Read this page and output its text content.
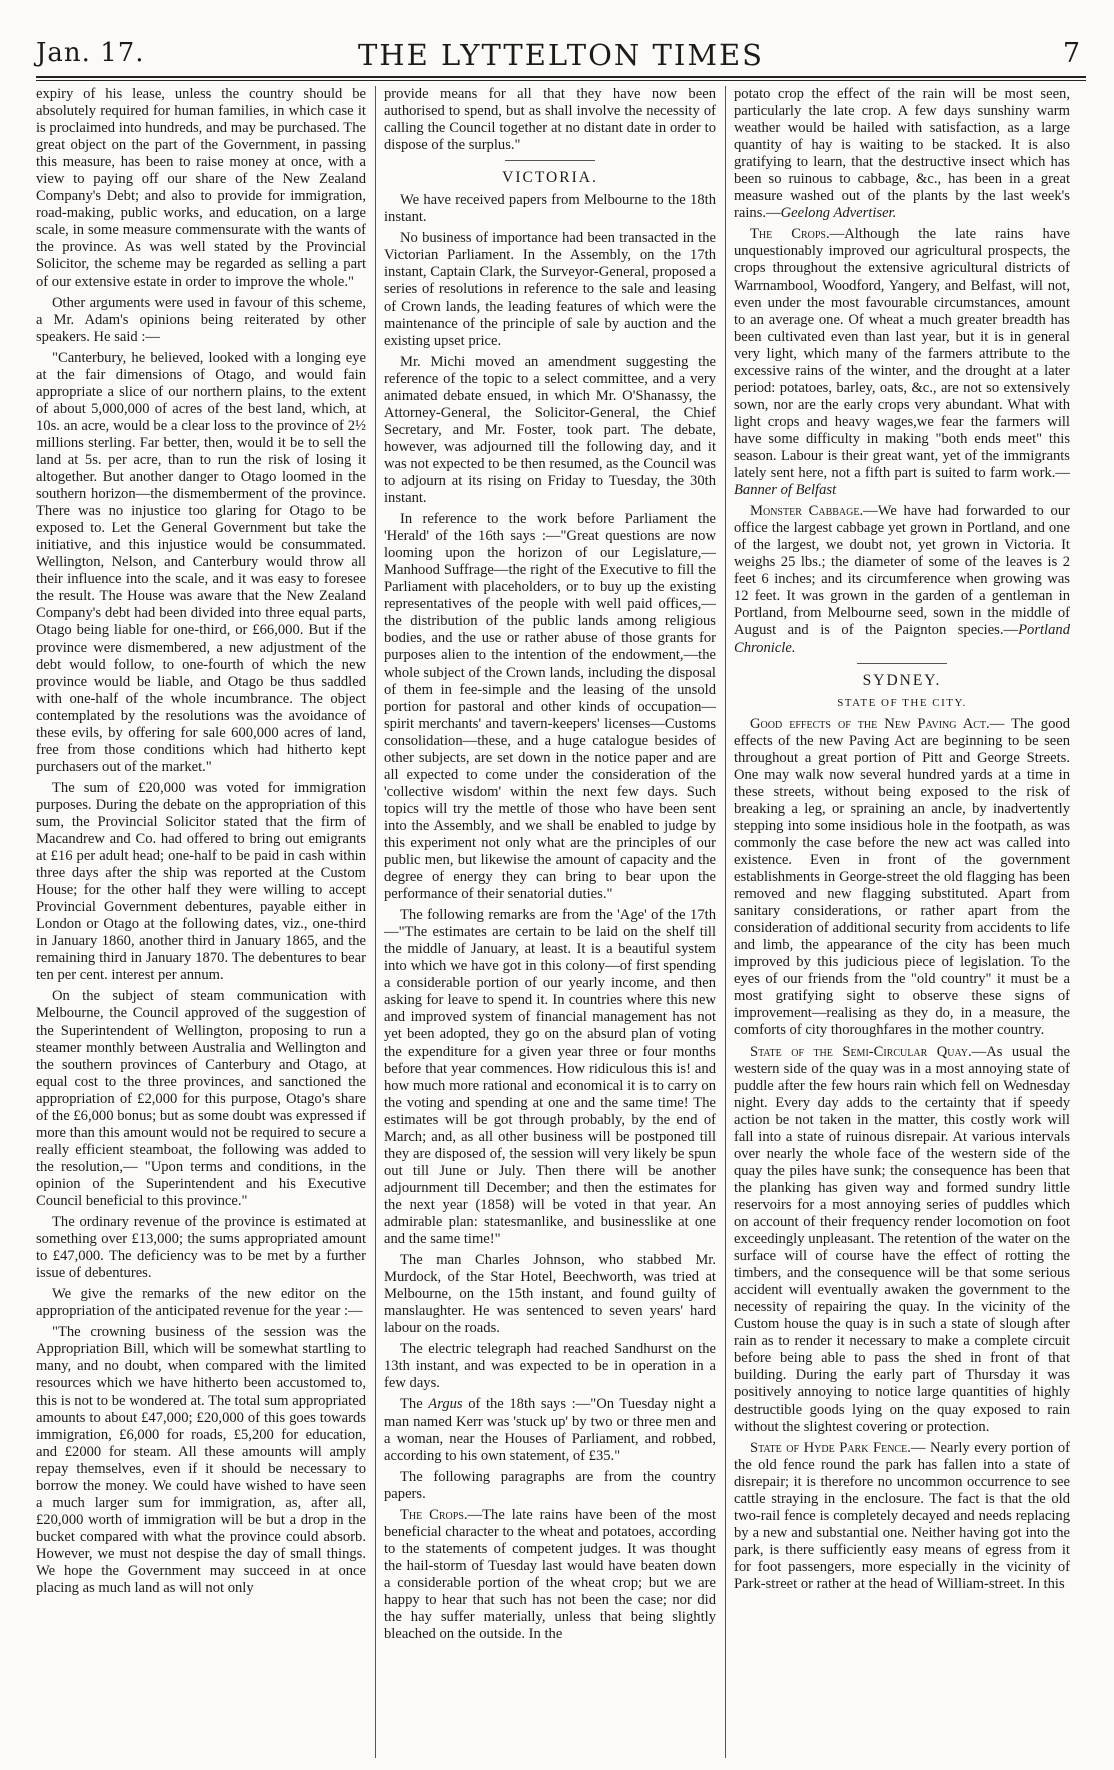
Jan. 17.	THE LYTTELTON TIMES	7

expiry of his lease, unless the country should be absolutely required for human families, in which case it is proclaimed into hundreds, and may be purchased. The great object on the part of the Government, in passing this measure, has been to raise money at once, with a view to paying off our share of the New Zealand Company's Debt; and also to provide for immigration, road-making, public works, and education, on a large scale, in some measure commensurate with the wants of the province. As was well stated by the Provincial Solicitor, the scheme may be regarded as selling a part of our extensive estate in order to improve the whole."

Other arguments were used in favour of this scheme, a Mr. Adam's opinions being reiterated by other speakers. He said :—

"Canterbury, he believed, looked with a longing eye at the fair dimensions of Otago, and would fain appropriate a slice of our northern plains, to the extent of about 5,000,000 of acres of the best land, which, at 10s. an acre, would be a clear loss to the province of 2½ millions sterling. Far better, then, would it be to sell the land at 5s. per acre, than to run the risk of losing it altogether. But another danger to Otago loomed in the southern horizon—the dismemberment of the province. There was no injustice too glaring for Otago to be exposed to. Let the General Government but take the initiative, and this injustice would be consummated. Wellington, Nelson, and Canterbury would throw all their influence into the scale, and it was easy to foresee the result. The House was aware that the New Zealand Company's debt had been divided into three equal parts, Otago being liable for one-third, or £66,000. But if the province were dismembered, a new adjustment of the debt would follow, to one-fourth of which the new province would be liable, and Otago be thus saddled with one-half of the whole incumbrance. The object contemplated by the resolutions was the avoidance of these evils, by offering for sale 600,000 acres of land, free from those conditions which had hitherto kept purchasers out of the market."

The sum of £20,000 was voted for immigration purposes. During the debate on the appropriation of this sum, the Provincial Solicitor stated that the firm of Macandrew and Co. had offered to bring out emigrants at £16 per adult head; one-half to be paid in cash within three days after the ship was reported at the Custom House; for the other half they were willing to accept Provincial Government debentures, payable either in London or Otago at the following dates, viz., one-third in January 1860, another third in January 1865, and the remaining third in January 1870. The debentures to bear ten per cent. interest per annum.

On the subject of steam communication with Melbourne, the Council approved of the suggestion of the Superintendent of Wellington, proposing to run a steamer monthly between Australia and Wellington and the southern provinces of Canterbury and Otago, at equal cost to the three provinces, and sanctioned the appropriation of £2,000 for this purpose, Otago's share of the £6,000 bonus; but as some doubt was expressed if more than this amount would not be required to secure a really efficient steamboat, the following was added to the resolution,— "Upon terms and conditions, in the opinion of the Superintendent and his Executive Council beneficial to this province."

The ordinary revenue of the province is estimated at something over £13,000; the sums appropriated amount to £47,000. The deficiency was to be met by a further issue of debentures.

We give the remarks of the new editor on the appropriation of the anticipated revenue for the year :—

"The crowning business of the session was the Appropriation Bill, which will be somewhat startling to many, and no doubt, when compared with the limited resources which we have hitherto been accustomed to, this is not to be wondered at. The total sum appropriated amounts to about £47,000; £20,000 of this goes towards immigration, £6,000 for roads, £5,200 for education, and £2000 for steam. All these amounts will amply repay themselves, even if it should be necessary to borrow the money. We could have wished to have seen a much larger sum for immigration, as, after all, £20,000 worth of immigration will be but a drop in the bucket compared with what the province could absorb. However, we must not despise the day of small things. We hope the Government may succeed in at once placing as much land as will not only

provide means for all that they have now been authorised to spend, but as shall involve the necessity of calling the Council together at no distant date in order to dispose of the surplus."

VICTORIA.

We have received papers from Melbourne to the 18th instant.

No business of importance had been transacted in the Victorian Parliament. In the Assembly, on the 17th instant, Captain Clark, the Surveyor-General, proposed a series of resolutions in reference to the sale and leasing of Crown lands, the leading features of which were the maintenance of the principle of sale by auction and the existing upset price.

Mr. Michi moved an amendment suggesting the reference of the topic to a select committee, and a very animated debate ensued, in which Mr. O'Shanassy, the Attorney-General, the Solicitor-General, the Chief Secretary, and Mr. Foster, took part. The debate, however, was adjourned till the following day, and it was not expected to be then resumed, as the Council was to adjourn at its rising on Friday to Tuesday, the 30th instant.

In reference to the work before Parliament the 'Herald' of the 16th says :—"Great questions are now looming upon the horizon of our Legislature,—Manhood Suffrage—the right of the Executive to fill the Parliament with placeholders, or to buy up the existing representatives of the people with well paid offices,—the distribution of the public lands among religious bodies, and the use or rather abuse of those grants for purposes alien to the intention of the endowment,—the whole subject of the Crown lands, including the disposal of them in fee-simple and the leasing of the unsold portion for pastoral and other kinds of occupation—spirit merchants' and tavern-keepers' licenses—Customs consolidation—these, and a huge catalogue besides of other subjects, are set down in the notice paper and are all expected to come under the consideration of the 'collective wisdom' within the next few days. Such topics will try the mettle of those who have been sent into the Assembly, and we shall be enabled to judge by this experiment not only what are the principles of our public men, but likewise the amount of capacity and the degree of energy they can bring to bear upon the performance of their senatorial duties."

The following remarks are from the 'Age' of the 17th—"The estimates are certain to be laid on the shelf till the middle of January, at least. It is a beautiful system into which we have got in this colony—of first spending a considerable portion of our yearly income, and then asking for leave to spend it. In countries where this new and improved system of financial management has not yet been adopted, they go on the absurd plan of voting the expenditure for a given year three or four months before that year commences. How ridiculous this is! and how much more rational and economical it is to carry on the voting and spending at one and the same time! The estimates will be got through probably, by the end of March; and, as all other business will be postponed till they are disposed of, the session will very likely be spun out till June or July. Then there will be another adjournment till December; and then the estimates for the next year (1858) will be voted in that year. An admirable plan: statesmanlike, and businesslike at one and the same time!"

The man Charles Johnson, who stabbed Mr. Murdock, of the Star Hotel, Beechworth, was tried at Melbourne, on the 15th instant, and found guilty of manslaughter. He was sentenced to seven years' hard labour on the roads.

The electric telegraph had reached Sandhurst on the 13th instant, and was expected to be in operation in a few days.

The Argus of the 18th says :—"On Tuesday night a man named Kerr was 'stuck up' by two or three men and a woman, near the Houses of Parliament, and robbed, according to his own statement, of £35."

The following paragraphs are from the country papers.

The Crops.—The late rains have been of the most beneficial character to the wheat and potatoes, according to the statements of competent judges. It was thought the hail-storm of Tuesday last would have beaten down a considerable portion of the wheat crop; but we are happy to hear that such has not been the case; nor did the hay suffer materially, unless that being slightly bleached on the outside. In the

potato crop the effect of the rain will be most seen, particularly the late crop. A few days sunshiny warm weather would be hailed with satisfaction, as a large quantity of hay is waiting to be stacked. It is also gratifying to learn, that the destructive insect which has been so ruinous to cabbage, &c., has been in a great measure washed out of the plants by the last week's rains.—Geelong Advertiser.

The Crops.—Although the late rains have unquestionably improved our agricultural prospects, the crops throughout the extensive agricultural districts of Warrnambool, Woodford, Yangery, and Belfast, will not, even under the most favourable circumstances, amount to an average one. Of wheat a much greater breadth has been cultivated even than last year, but it is in general very light, which many of the farmers attribute to the excessive rains of the winter, and the drought at a later period: potatoes, barley, oats, &c., are not so extensively sown, nor are the early crops very abundant. What with light crops and heavy wages,we fear the farmers will have some difficulty in making "both ends meet" this season. Labour is their great want, yet of the immigrants lately sent here, not a fifth part is suited to farm work.—Banner of Belfast

Monster Cabbage.—We have had forwarded to our office the largest cabbage yet grown in Portland, and one of the largest, we doubt not, yet grown in Victoria. It weighs 25 lbs.; the diameter of some of the leaves is 2 feet 6 inches; and its circumference when growing was 12 feet. It was grown in the garden of a gentleman in Portland, from Melbourne seed, sown in the middle of August and is of the Paignton species.—Portland Chronicle.

SYDNEY.
STATE OF THE CITY.

Good effects of the New Paving Act.— The good effects of the new Paving Act are beginning to be seen throughout a great portion of Pitt and George Streets. One may walk now several hundred yards at a time in these streets, without being exposed to the risk of breaking a leg, or spraining an ancle, by inadvertently stepping into some insidious hole in the footpath, as was commonly the case before the new act was called into existence. Even in front of the government establishments in George-street the old flagging has been removed and new flagging substituted. Apart from sanitary considerations, or rather apart from the consideration of additional security from accidents to life and limb, the appearance of the city has been much improved by this judicious piece of legislation. To the eyes of our friends from the "old country" it must be a most gratifying sight to observe these signs of improvement—realising as they do, in a measure, the comforts of city thoroughfares in the mother country.

State of the Semi-Circular Quay.—As usual the western side of the quay was in a most annoying state of puddle after the few hours rain which fell on Wednesday night. Every day adds to the certainty that if speedy action be not taken in the matter, this costly work will fall into a state of ruinous disrepair. At various intervals over nearly the whole face of the western side of the quay the piles have sunk; the consequence has been that the planking has given way and formed sundry little reservoirs for a most annoying series of puddles which on account of their frequency render locomotion on foot exceedingly unpleasant. The retention of the water on the surface will of course have the effect of rotting the timbers, and the consequence will be that some serious accident will eventually awaken the government to the necessity of repairing the quay. In the vicinity of the Custom house the quay is in such a state of slough after rain as to render it necessary to make a complete circuit before being able to pass the shed in front of that building. During the early part of Thursday it was positively annoying to notice large quantities of highly destructible goods lying on the quay exposed to rain without the slightest covering or protection.

State of Hyde Park Fence.— Nearly every portion of the old fence round the park has fallen into a state of disrepair; it is therefore no uncommon occurrence to see cattle straying in the enclosure. The fact is that the old two-rail fence is completely decayed and needs replacing by a new and substantial one. Neither having got into the park, is there sufficiently easy means of egress from it for foot passengers, more especially in the vicinity of Park-street or rather at the head of William-street. In this
